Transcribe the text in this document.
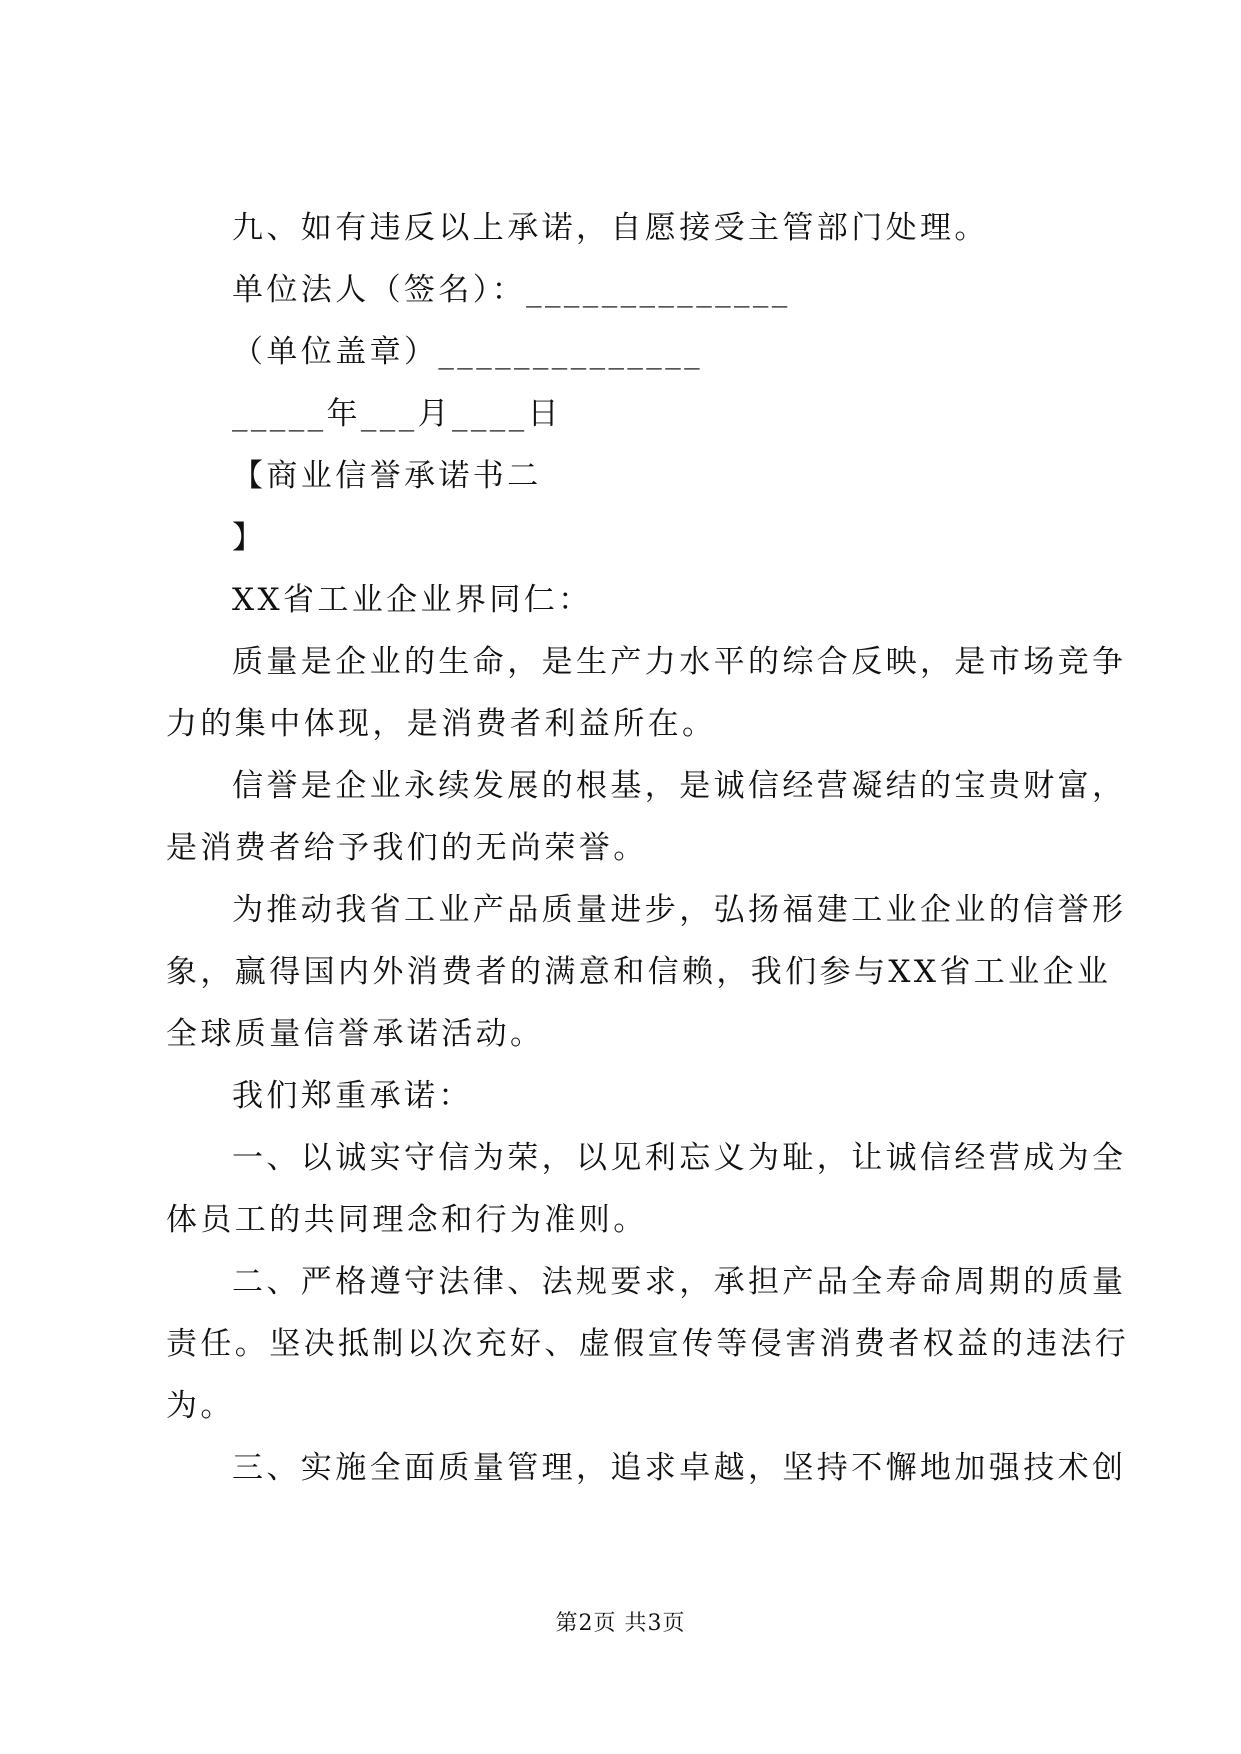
九、如有违反以上承诺，自愿接受主管部门处理。
单位法人（签名）：______________
（单位盖章）______________
_____年___月____日
【商业信誉承诺书二
】
XX省工业企业界同仁：
质量是企业的生命，是生产力水平的综合反映，是市场竞争
力的集中体现，是消费者利益所在。
信誉是企业永续发展的根基，是诚信经营凝结的宝贵财富，
是消费者给予我们的无尚荣誉。
为推动我省工业产品质量进步，弘扬福建工业企业的信誉形
象，赢得国内外消费者的满意和信赖，我们参与XX省工业企业
全球质量信誉承诺活动。
我们郑重承诺：
一、以诚实守信为荣，以见利忘义为耻，让诚信经营成为全
体员工的共同理念和行为准则。
二、严格遵守法律、法规要求，承担产品全寿命周期的质量
责任。坚决抵制以次充好、虚假宣传等侵害消费者权益的违法行
为。
三、实施全面质量管理，追求卓越，坚持不懈地加强技术创
第2页 共3页
